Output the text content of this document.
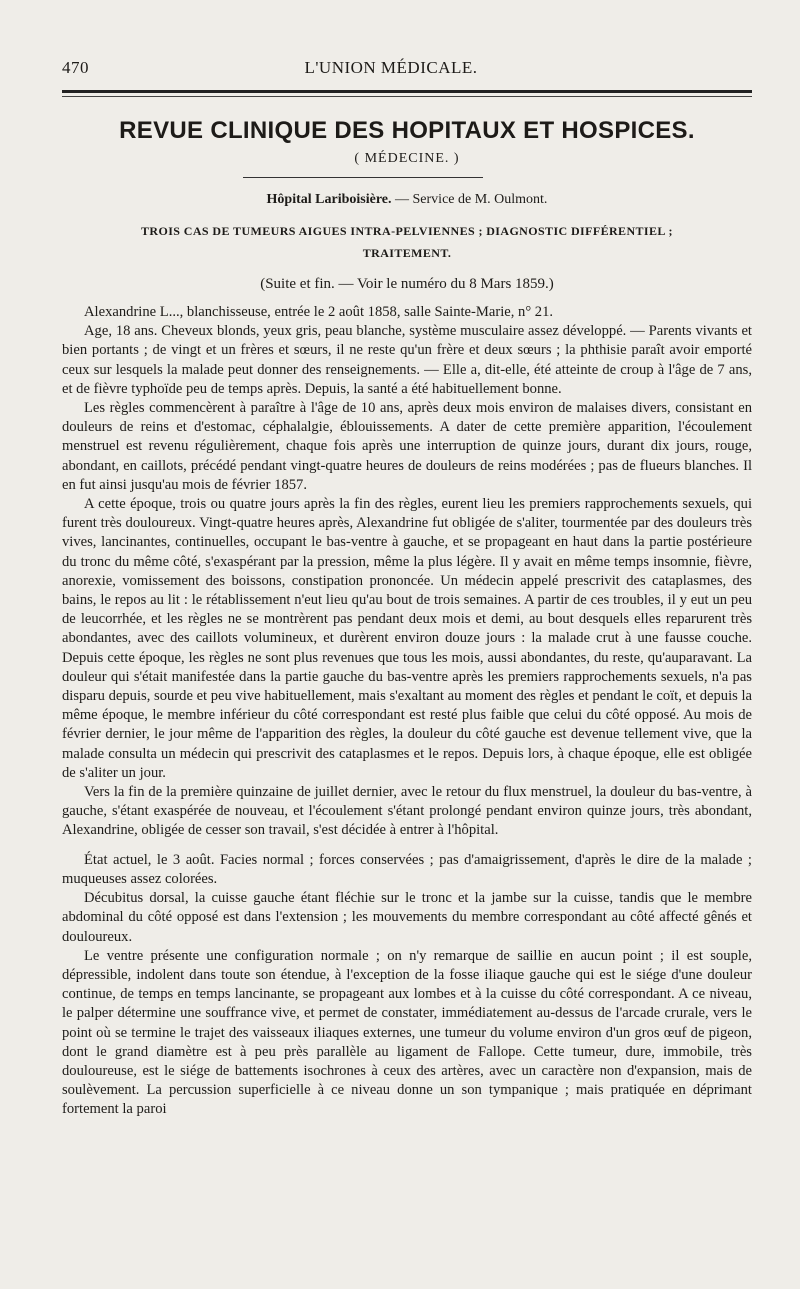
470	L'UNION MÉDICALE.
REVUE CLINIQUE DES HOPITAUX ET HOSPICES.
( MÉDECINE. )
Hôpital Lariboisière. — Service de M. Oulmont.
TROIS CAS DE TUMEURS AIGUES INTRA-PELVIENNES ; DIAGNOSTIC DIFFÉRENTIEL ;
TRAITEMENT.
(Suite et fin. — Voir le numéro du 8 Mars 1859.)

Alexandrine L..., blanchisseuse, entrée le 2 août 1858, salle Sainte-Marie, n° 21.

Age, 18 ans. Cheveux blonds, yeux gris, peau blanche, système musculaire assez développé. — Parents vivants et bien portants ; de vingt et un frères et sœurs, il ne reste qu'un frère et deux sœurs ; la phthisie paraît avoir emporté ceux sur lesquels la malade peut donner des renseignements. — Elle a, dit-elle, été atteinte de croup à l'âge de 7 ans, et de fièvre typhoïde peu de temps après. Depuis, la santé a été habituellement bonne.

Les règles commencèrent à paraître à l'âge de 10 ans, après deux mois environ de malaises divers, consistant en douleurs de reins et d'estomac, céphalalgie, éblouissements. A dater de cette première apparition, l'écoulement menstruel est revenu régulièrement, chaque fois après une interruption de quinze jours, durant dix jours, rouge, abondant, en caillots, précédé pendant vingt-quatre heures de douleurs de reins modérées ; pas de flueurs blanches. Il en fut ainsi jusqu'au mois de février 1857.

A cette époque, trois ou quatre jours après la fin des règles, eurent lieu les premiers rapprochements sexuels, qui furent très douloureux. Vingt-quatre heures après, Alexandrine fut obligée de s'aliter, tourmentée par des douleurs très vives, lancinantes, continuelles, occupant le bas-ventre à gauche, et se propageant en haut dans la partie postérieure du tronc du même côté, s'exaspérant par la pression, même la plus légère. Il y avait en même temps insomnie, fièvre, anorexie, vomissement des boissons, constipation prononcée. Un médecin appelé prescrivit des cataplasmes, des bains, le repos au lit : le rétablissement n'eut lieu qu'au bout de trois semaines. A partir de ces troubles, il y eut un peu de leucorrhée, et les règles ne se montrèrent pas pendant deux mois et demi, au bout desquels elles reparurent très abondantes, avec des caillots volumineux, et durèrent environ douze jours : la malade crut à une fausse couche. Depuis cette époque, les règles ne sont plus revenues que tous les mois, aussi abondantes, du reste, qu'auparavant. La douleur qui s'était manifestée dans la partie gauche du bas-ventre après les premiers rapprochements sexuels, n'a pas disparu depuis, sourde et peu vive habituellement, mais s'exaltant au moment des règles et pendant le coït, et depuis la même époque, le membre inférieur du côté correspondant est resté plus faible que celui du côté opposé. Au mois de février dernier, le jour même de l'apparition des règles, la douleur du côté gauche est devenue tellement vive, que la malade consulta un médecin qui prescrivit des cataplasmes et le repos. Depuis lors, à chaque époque, elle est obligée de s'aliter un jour.

Vers la fin de la première quinzaine de juillet dernier, avec le retour du flux menstruel, la douleur du bas-ventre, à gauche, s'étant exaspérée de nouveau, et l'écoulement s'étant prolongé pendant environ quinze jours, très abondant, Alexandrine, obligée de cesser son travail, s'est décidée à entrer à l'hôpital.

État actuel, le 3 août. Facies normal ; forces conservées ; pas d'amaigrissement, d'après le dire de la malade ; muqueuses assez colorées.

Décubitus dorsal, la cuisse gauche étant fléchie sur le tronc et la jambe sur la cuisse, tandis que le membre abdominal du côté opposé est dans l'extension ; les mouvements du membre correspondant au côté affecté gênés et douloureux.

Le ventre présente une configuration normale ; on n'y remarque de saillie en aucun point ; il est souple, dépressible, indolent dans toute son étendue, à l'exception de la fosse iliaque gauche qui est le siége d'une douleur continue, de temps en temps lancinante, se propageant aux lombes et à la cuisse du côté correspondant. A ce niveau, le palper détermine une souffrance vive, et permet de constater, immédiatement au-dessus de l'arcade crurale, vers le point où se termine le trajet des vaisseaux iliaques externes, une tumeur du volume environ d'un gros œuf de pigeon, dont le grand diamètre est à peu près parallèle au ligament de Fallope. Cette tumeur, dure, immobile, très douloureuse, est le siége de battements isochrones à ceux des artères, avec un caractère non d'expansion, mais de soulèvement. La percussion superficielle à ce niveau donne un son tympanique ; mais pratiquée en déprimant fortement la paroi
